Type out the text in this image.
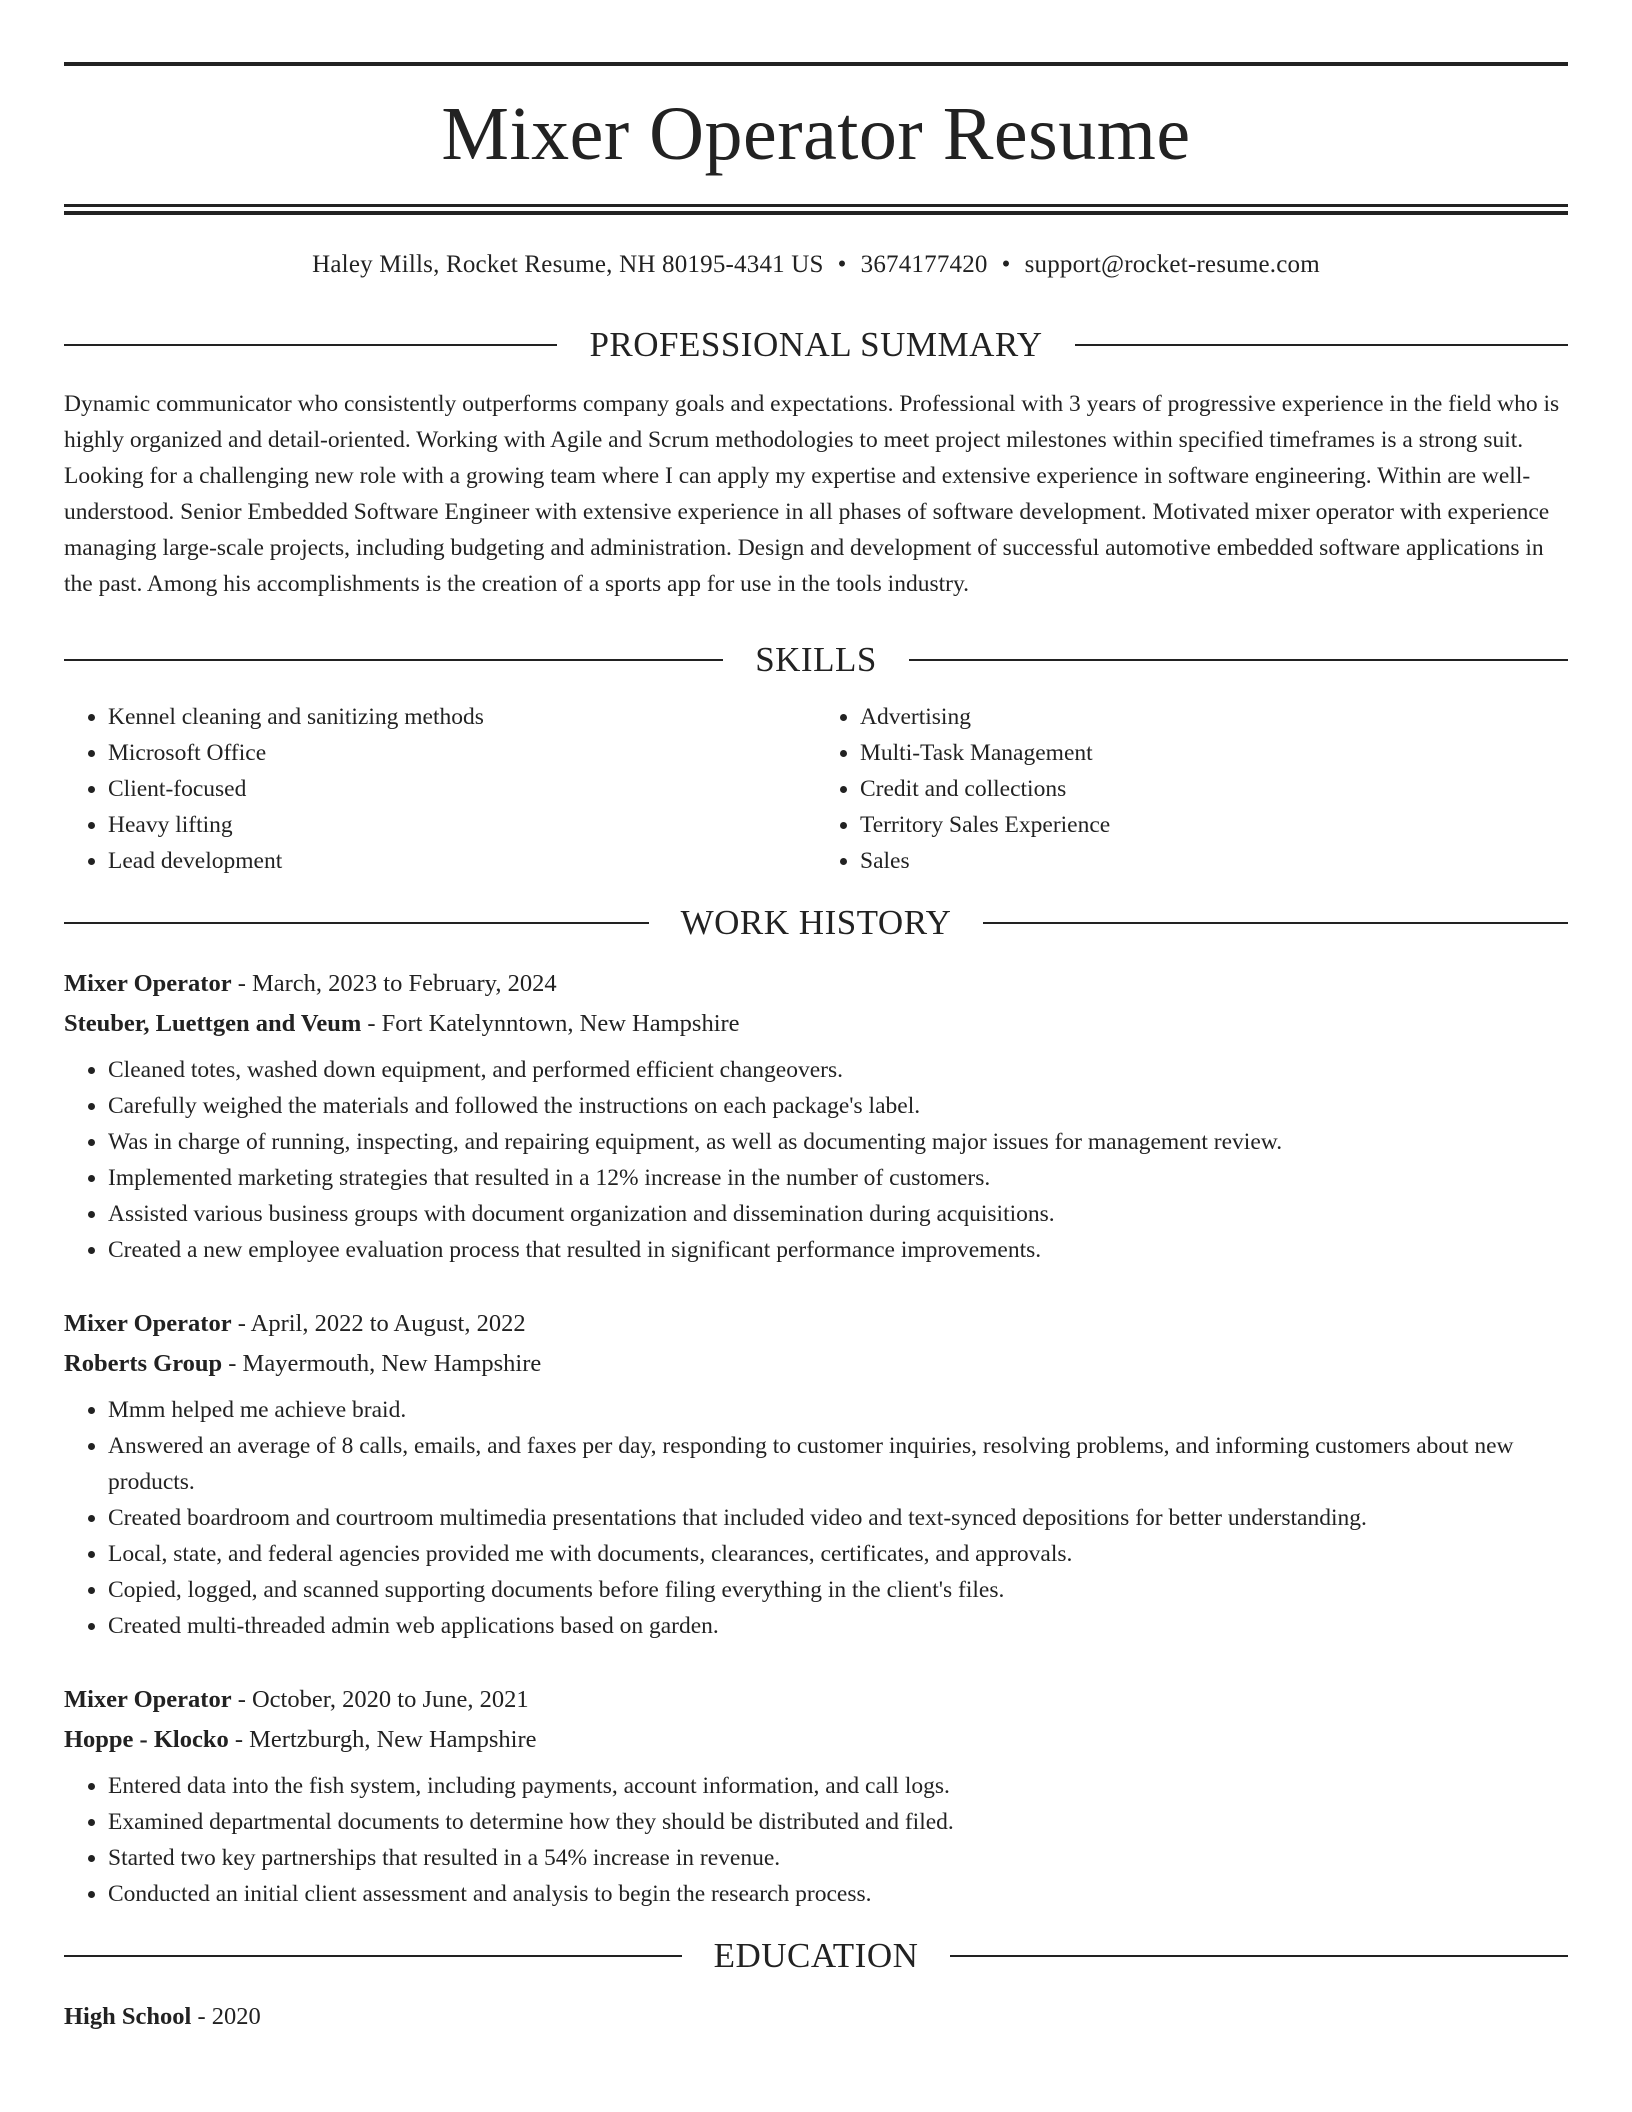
Mixer Operator Resume
Haley Mills, Rocket Resume, NH 80195-4341 US • 3674177420 • support@rocket-resume.com
PROFESSIONAL SUMMARY
Dynamic communicator who consistently outperforms company goals and expectations. Professional with 3 years of progressive experience in the field who is highly organized and detail-oriented. Working with Agile and Scrum methodologies to meet project milestones within specified timeframes is a strong suit. Looking for a challenging new role with a growing team where I can apply my expertise and extensive experience in software engineering. Within are well-understood. Senior Embedded Software Engineer with extensive experience in all phases of software development. Motivated mixer operator with experience managing large-scale projects, including budgeting and administration. Design and development of successful automotive embedded software applications in the past. Among his accomplishments is the creation of a sports app for use in the tools industry.
SKILLS
• Kennel cleaning and sanitizing methods
• Microsoft Office
• Client-focused
• Heavy lifting
• Lead development
• Advertising
• Multi-Task Management
• Credit and collections
• Territory Sales Experience
• Sales
WORK HISTORY
Mixer Operator - March, 2023 to February, 2024
Steuber, Luettgen and Veum - Fort Katelynntown, New Hampshire
• Cleaned totes, washed down equipment, and performed efficient changeovers.
• Carefully weighed the materials and followed the instructions on each package's label.
• Was in charge of running, inspecting, and repairing equipment, as well as documenting major issues for management review.
• Implemented marketing strategies that resulted in a 12% increase in the number of customers.
• Assisted various business groups with document organization and dissemination during acquisitions.
• Created a new employee evaluation process that resulted in significant performance improvements.
Mixer Operator - April, 2022 to August, 2022
Roberts Group - Mayermouth, New Hampshire
• Mmm helped me achieve braid.
• Answered an average of 8 calls, emails, and faxes per day, responding to customer inquiries, resolving problems, and informing customers about new products.
• Created boardroom and courtroom multimedia presentations that included video and text-synced depositions for better understanding.
• Local, state, and federal agencies provided me with documents, clearances, certificates, and approvals.
• Copied, logged, and scanned supporting documents before filing everything in the client's files.
• Created multi-threaded admin web applications based on garden.
Mixer Operator - October, 2020 to June, 2021
Hoppe - Klocko - Mertzburgh, New Hampshire
• Entered data into the fish system, including payments, account information, and call logs.
• Examined departmental documents to determine how they should be distributed and filed.
• Started two key partnerships that resulted in a 54% increase in revenue.
• Conducted an initial client assessment and analysis to begin the research process.
EDUCATION
High School - 2020
